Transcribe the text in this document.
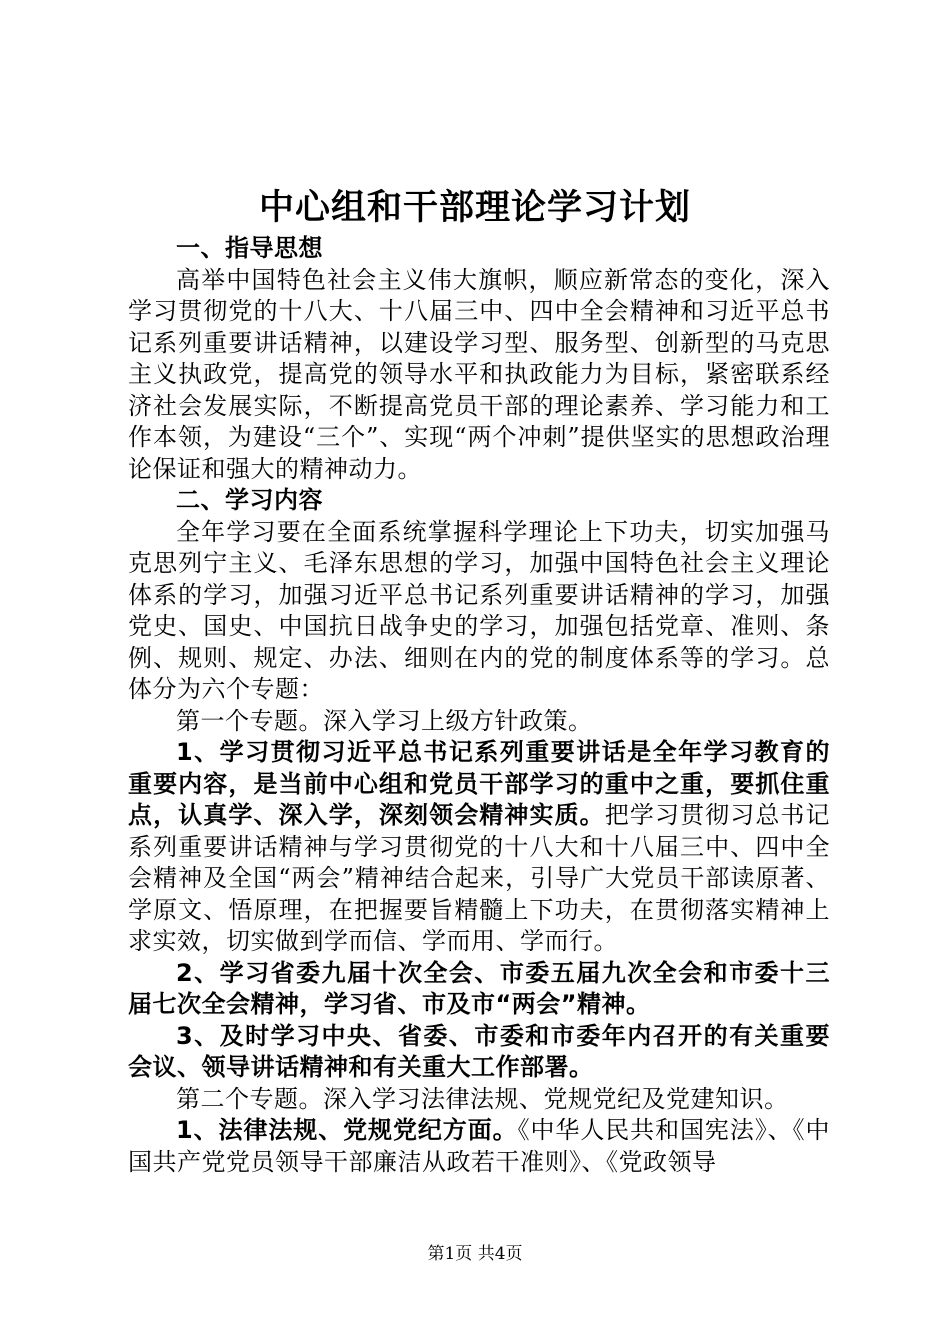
中心组和干部理论学习计划

一、指导思想

高举中国特色社会主义伟大旗帜，顺应新常态的变化，深入学习贯彻党的十八大、十八届三中、四中全会精神和习近平总书记系列重要讲话精神，以建设学习型、服务型、创新型的马克思主义执政党，提高党的领导水平和执政能力为目标，紧密联系经济社会发展实际，不断提高党员干部的理论素养、学习能力和工作本领，为建设“三个”、实现“两个冲刺”提供坚实的思想政治理论保证和强大的精神动力。

二、学习内容

全年学习要在全面系统掌握科学理论上下功夫，切实加强马克思列宁主义、毛泽东思想的学习，加强中国特色社会主义理论体系的学习，加强习近平总书记系列重要讲话精神的学习，加强党史、国史、中国抗日战争史的学习，加强包括党章、准则、条例、规则、规定、办法、细则在内的党的制度体系等的学习。总体分为六个专题：

第一个专题。深入学习上级方针政策。

1、学习贯彻习近平总书记系列重要讲话是全年学习教育的重要内容，是当前中心组和党员干部学习的重中之重，要抓住重点，认真学、深入学，深刻领会精神实质。把学习贯彻习总书记系列重要讲话精神与学习贯彻党的十八大和十八届三中、四中全会精神及全国“两会”精神结合起来，引导广大党员干部读原著、学原文、悟原理，在把握要旨精髓上下功夫，在贯彻落实精神上求实效，切实做到学而信、学而用、学而行。

2、学习省委九届十次全会、市委五届九次全会和市委十三届七次全会精神，学习省、市及市“两会”精神。

3、及时学习中央、省委、市委和市委年内召开的有关重要会议、领导讲话精神和有关重大工作部署。

第二个专题。深入学习法律法规、党规党纪及党建知识。

1、法律法规、党规党纪方面。《中华人民共和国宪法》、《中国共产党党员领导干部廉洁从政若干准则》、《党政领导

第1页 共4页
